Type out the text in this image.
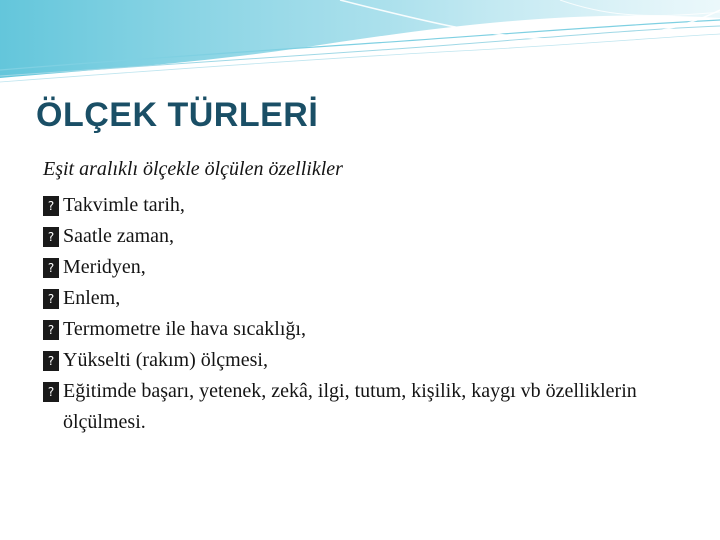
ÖLÇEK TÜRLERİ
Eşit aralıklı ölçekle ölçülen özellikler
? Takvimle tarih,
? Saatle zaman,
? Meridyen,
? Enlem,
? Termometre ile hava sıcaklığı,
? Yükselti (rakım) ölçmesi,
? Eğitimde başarı, yetenek, zekâ, ilgi, tutum, kişilik, kaygı vb özelliklerin ölçülmesi.
